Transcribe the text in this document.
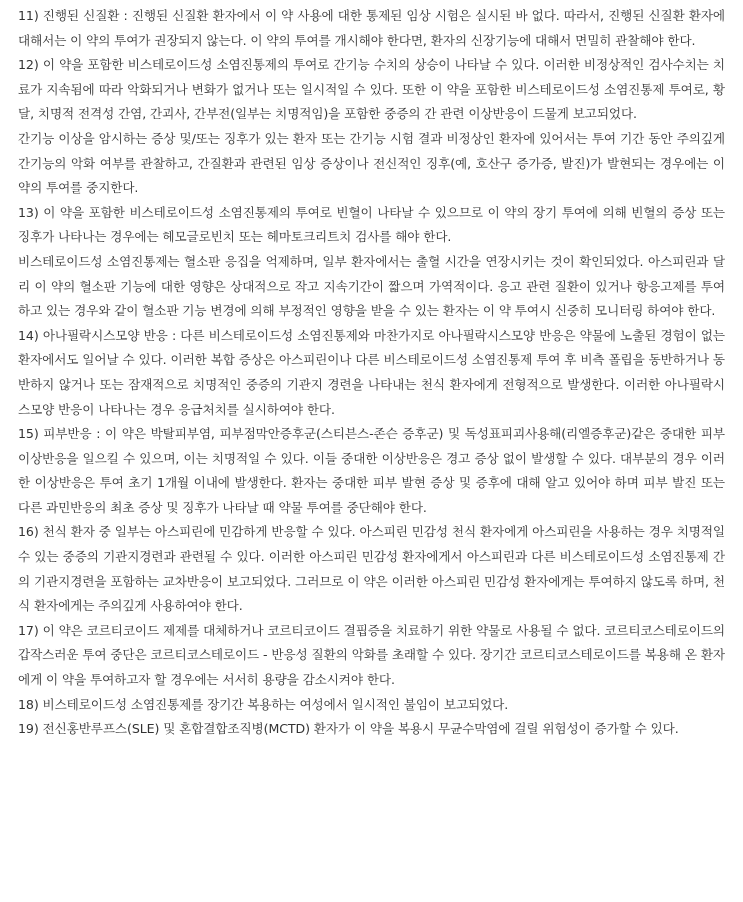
11) 진행된 신질환 : 진행된 신질환 환자에서 이 약 사용에 대한 통제된 임상 시험은 실시된 바 없다. 따라서, 진행된 신질환 환자에 대해서는 이 약의 투여가 권장되지 않는다. 이 약의 투여를 개시해야 한다면, 환자의 신장기능에 대해서 면밀히 관찰해야 한다.

12) 이 약을 포함한 비스테로이드성 소염진통제의 투여로 간기능 수치의 상승이 나타날 수 있다. 이러한 비정상적인 검사수치는 치료가 지속됨에 따라 악화되거나 변화가 없거나 또는 일시적일 수 있다. 또한 이 약을 포함한 비스테로이드성 소염진통제 투여로, 황달, 치명적 전격성 간염, 간괴사, 간부전(일부는 치명적임)을 포함한 중증의 간 관련 이상반응이 드물게 보고되었다.

간기능 이상을 암시하는 증상 및/또는 징후가 있는 환자 또는 간기능 시험 결과 비정상인 환자에 있어서는 투여 기간 동안 주의깊게 간기능의 악화 여부를 관찰하고, 간질환과 관련된 임상 증상이나 전신적인 징후(예, 호산구 증가증, 발진)가 발현되는 경우에는 이 약의 투여를 중지한다.

13) 이 약을 포함한 비스테로이드성 소염진통제의 투여로 빈혈이 나타날 수 있으므로 이 약의 장기 투여에 의해 빈혈의 증상 또는 징후가 나타나는 경우에는 헤모글로빈치 또는 헤마토크리트치 검사를 해야 한다.

비스테로이드성 소염진통제는 혈소판 응집을 억제하며, 일부 환자에서는 출혈 시간을 연장시키는 것이 확인되었다. 아스피린과 달리 이 약의 혈소판 기능에 대한 영향은 상대적으로 작고 지속기간이 짧으며 가역적이다. 응고 관련 질환이 있거나 항응고제를 투여하고 있는 경우와 같이 혈소판 기능 변경에 의해 부정적인 영향을 받을 수 있는 환자는 이 약 투여시 신중히 모니터링 하여야 한다.

14) 아나필락시스모양 반응 : 다른 비스테로이드성 소염진통제와 마찬가지로 아나필락시스모양 반응은 약물에 노출된 경험이 없는 환자에서도 일어날 수 있다. 이러한 복합 증상은 아스피린이나 다른 비스테로이드성 소염진통제 투여 후 비측 폴립을 동반하거나 동반하지 않거나 또는 잠재적으로 치명적인 중증의 기관지 경련을 나타내는 천식 환자에게 전형적으로 발생한다. 이러한 아나필락시스모양 반응이 나타나는 경우 응급처치를 실시하여야 한다.

15) 피부반응 : 이 약은 박탈피부염, 피부점막안증후군(스티븐스-존슨 증후군) 및 독성표피괴사용해(리엘증후군)같은 중대한 피부 이상반응을 일으킬 수 있으며, 이는 치명적일 수 있다. 이들 중대한 이상반응은 경고 증상 없이 발생할 수 있다. 대부분의 경우 이러한 이상반응은 투여 초기 1개월 이내에 발생한다. 환자는 중대한 피부 발현 증상 및 증후에 대해 알고 있어야 하며 피부 발진 또는 다른 과민반응의 최초 증상 및 징후가 나타날 때 약물 투여를 중단해야 한다.

16) 천식 환자 중 일부는 아스피린에 민감하게 반응할 수 있다. 아스피린 민감성 천식 환자에게 아스피린을 사용하는 경우 치명적일 수 있는 중증의 기관지경련과 관련될 수 있다. 이러한 아스피린 민감성 환자에게서 아스피린과 다른 비스테로이드성 소염진통제 간의 기관지경련을 포함하는 교차반응이 보고되었다. 그러므로 이 약은 이러한 아스피린 민감성 환자에게는 투여하지 않도록 하며, 천식 환자에게는 주의깊게 사용하여야 한다.

17) 이 약은 코르티코이드 제제를 대체하거나 코르티코이드 결핍증을 치료하기 위한 약물로 사용될 수 없다. 코르티코스테로이드의 갑작스러운 투여 중단은 코르티코스테로이드 - 반응성 질환의 악화를 초래할 수 있다. 장기간 코르티코스테로이드를 복용해 온 환자에게 이 약을 투여하고자 할 경우에는 서서히 용량을 감소시켜야 한다.

18) 비스테로이드성 소염진통제를 장기간 복용하는 여성에서 일시적인 불임이 보고되었다.

19) 전신홍반루프스(SLE) 및 혼합결합조직병(MCTD) 환자가 이 약을 복용시 무균수막염에 걸릴 위험성이 증가할 수 있다.
